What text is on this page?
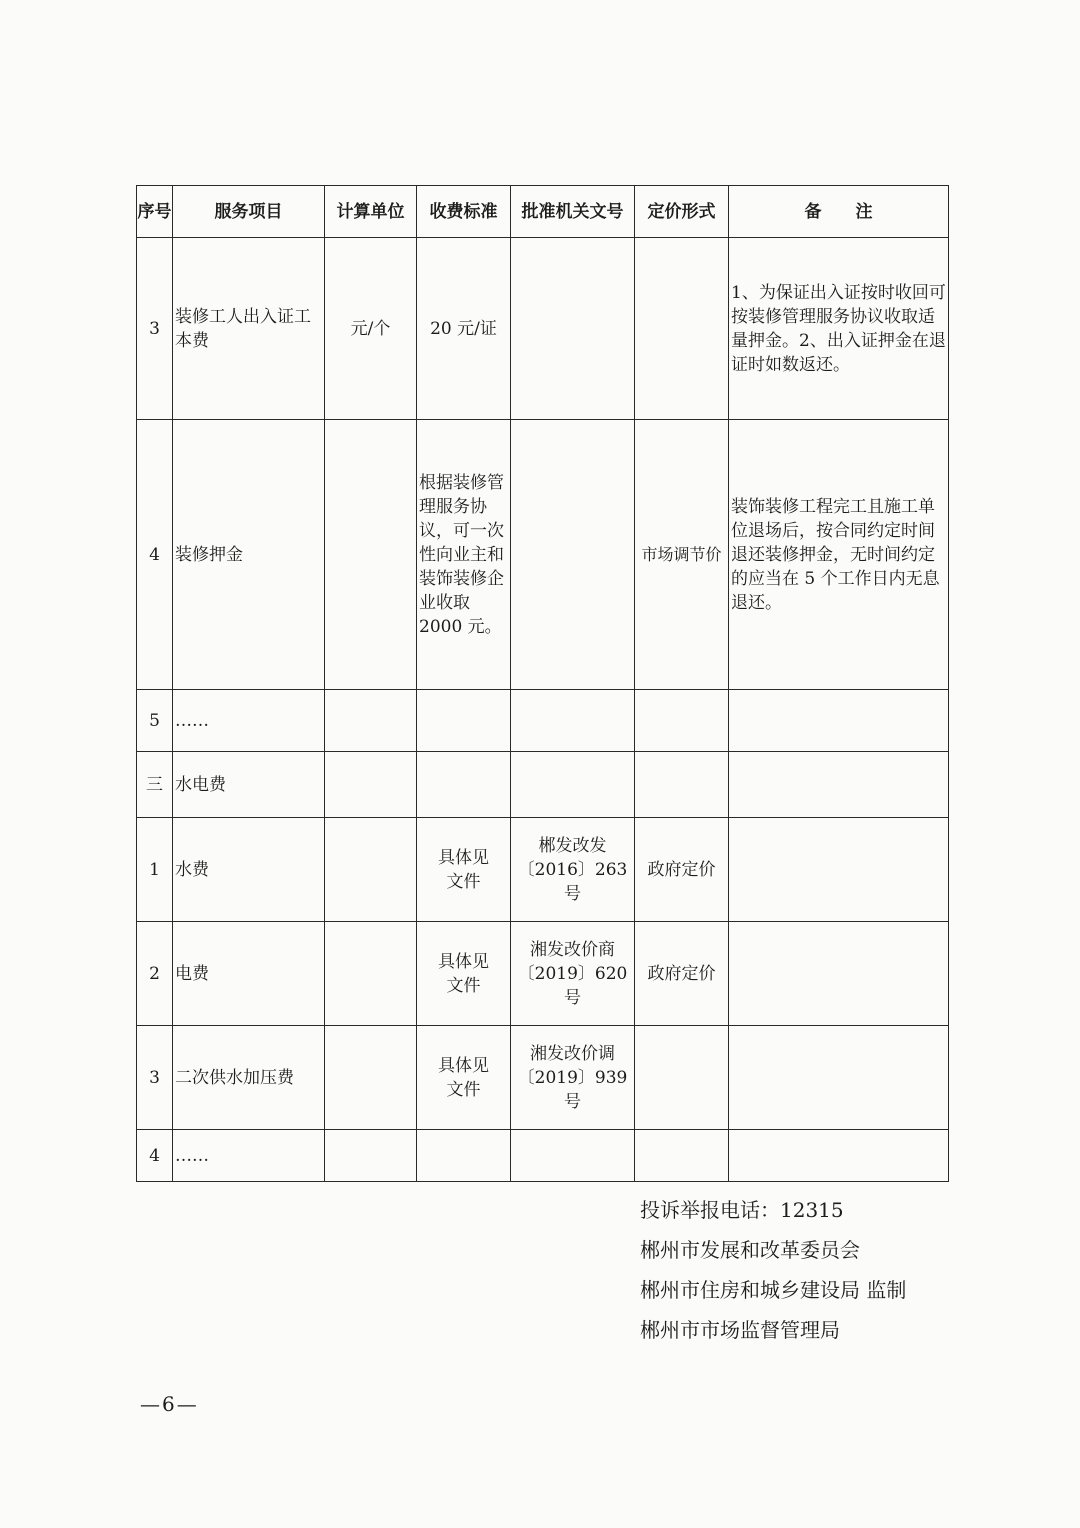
序号	服务项目	计算单位	收费标准	批准机关文号	定价形式	备　　注
3	装修工人出入证工本费	元/个	20 元/证			1、为保证出入证按时收回可按装修管理服务协议收取适量押金。2、出入证押金在退证时如数返还。
4	装修押金		根据装修管理服务协议，可一次性向业主和装饰装修企业收取 2000 元。		市场调节价	装饰装修工程完工且施工单位退场后，按合同约定时间退还装修押金，无时间约定的应当在 5 个工作日内无息退还。
5	……					
三	水电费					
1	水费		具体见文件	郴发改发〔2016〕263 号	政府定价	
2	电费		具体见文件	湘发改价商〔2019〕620 号	政府定价	
3	二次供水加压费		具体见文件	湘发改价调〔2019〕939 号		
4	……					
投诉举报电话：12315
郴州市发展和改革委员会
郴州市住房和城乡建设局 监制
郴州市市场监督管理局
—6—
